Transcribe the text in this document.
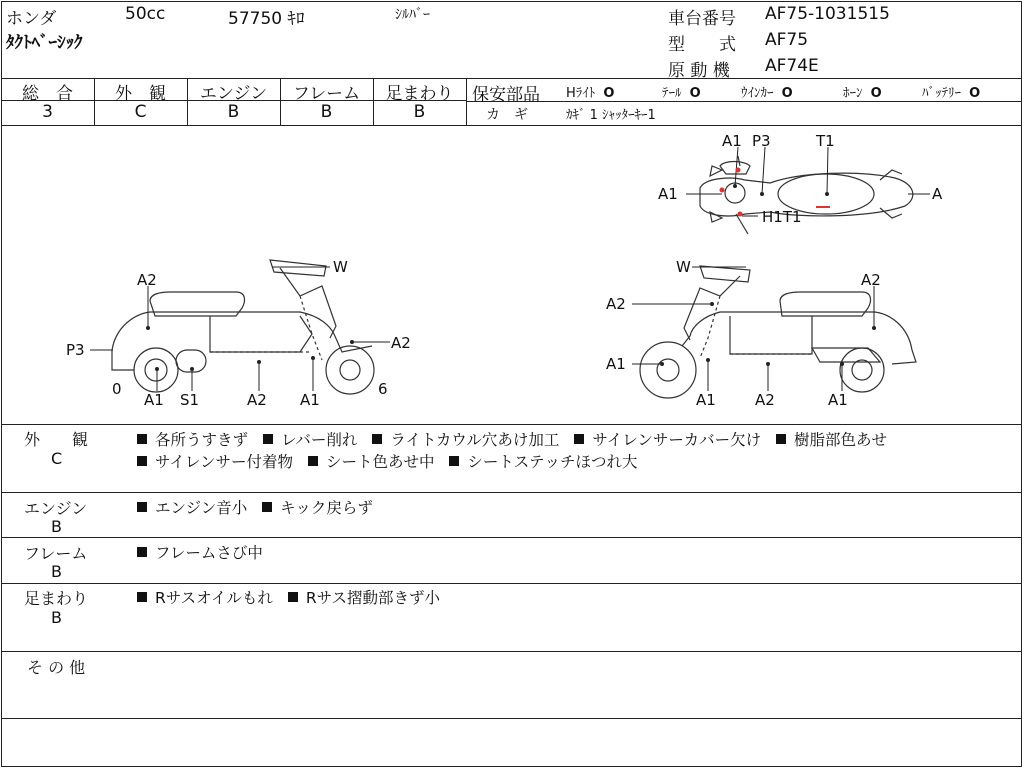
ホンダ	50cc	57750 ｷﾛ	ｼﾙﾊﾞｰ
ﾀｸﾄﾍﾞｰｼｯｸ
車台番号 AF75-1031515
型　　式 AF75
原 動 機 AF74E
総　合
3
外　観
C
エンジン
B
フレーム
B
足まわり
B
保安部品 Hﾗｲﾄ O	ﾃｰﾙ O	ｳｲﾝｶｰ O	ﾎｰﾝ O	ﾊﾞｯﾃﾘｰ O
カ　ギ	ｶｷﾞ 1 ｼｬｯﾀｰｷｰ1
A1 P3	T1
A1	A
H1T1
W
A2
P3	A2
0	6
A1 S1	A2 A1
W
A2
A2
A1
A1	A2	A1
外　　観
C
各所うすきず レバー削れ ライトカウル穴あけ加工 サイレンサーカバー欠け 樹脂部色あせ
サイレンサー付着物 シート色あせ中 シートステッチほつれ大
エンジン
B
エンジン音小 キック戻らず
フレーム
B
フレームさび中
足まわり
B
Rサスオイルもれ Rサス摺動部きず小
そ の 他
